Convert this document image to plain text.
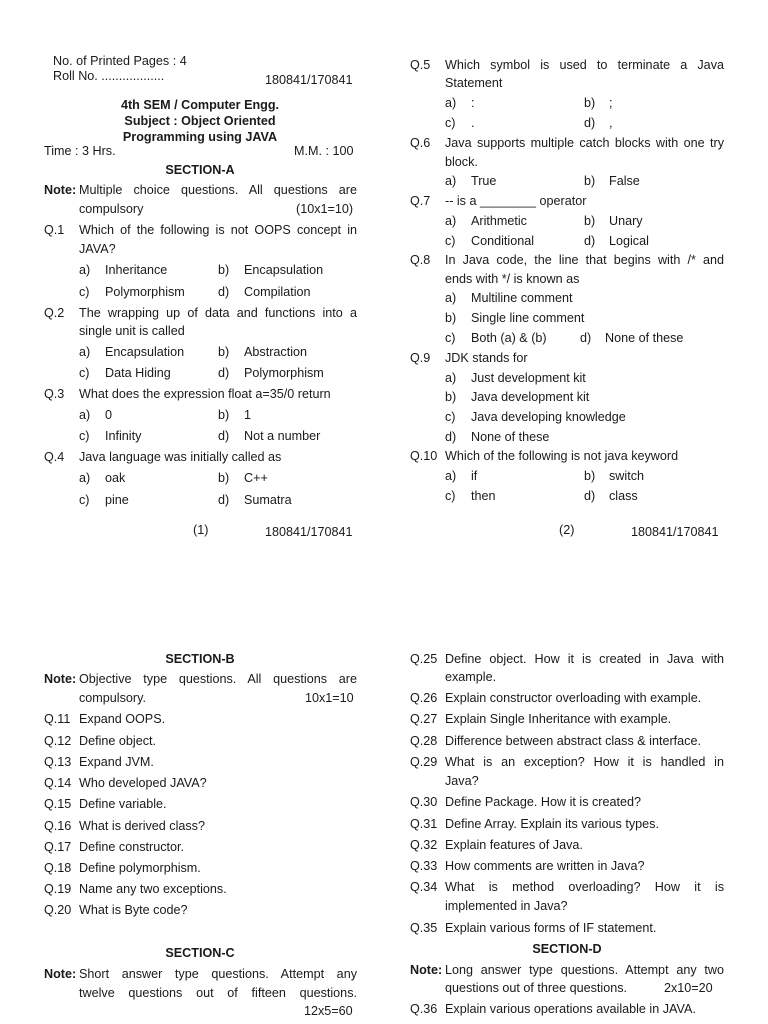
No. of Printed Pages : 4
Roll No. ..................	180841/170841
4th SEM / Computer Engg.
Subject : Object Oriented
Programming using JAVA
Time : 3 Hrs.	M.M. : 100
SECTION-A
Note: Multiple choice questions. All questions are
compulsory	(10x1=10)
Q.1 Which of the following is not OOPS concept in
JAVA?
a) Inheritance	b) Encapsulation
c) Polymorphism	d) Compilation
Q.2 The wrapping up of data and functions into a
single unit is called
a) Encapsulation	b) Abstraction
c) Data Hiding	d) Polymorphism
Q.3 What does the expression float a=35/0 return
a) 0	b) 1
c) Infinity	d) Not a number
Q.4 Java language was initially called as
a) oak	b) C++
c) pine	d) Sumatra
(1)	180841/170841
Q.5 Which symbol is used to terminate a Java
Statement
a) :	b) ;
c) .	d) ,
Q.6 Java supports multiple catch blocks with one try
block.
a) True	b) False
Q.7 -- is a ________ operator
a) Arithmetic	b) Unary
c) Conditional	d) Logical
Q.8 In Java code, the line that begins with /* and
ends with */ is known as
a) Multiline comment
b) Single line comment
c) Both (a) & (b)	d) None of these
Q.9 JDK stands for
a) Just development kit
b) Java development kit
c) Java developing knowledge
d) None of these
Q.10 Which of the following is not java keyword
a) if	b) switch
c) then	d) class
(2)	180841/170841
SECTION-B
Note: Objective type questions. All questions are
compulsory.	10x1=10
Q.11 Expand OOPS.
Q.12 Define object.
Q.13 Expand JVM.
Q.14 Who developed JAVA?
Q.15 Define variable.
Q.16 What is derived class?
Q.17 Define constructor.
Q.18 Define polymorphism.
Q.19 Name any two exceptions.
Q.20 What is Byte code?
SECTION-C
Note: Short answer type questions. Attempt any
twelve questions out of fifteen questions.
12x5=60
Q.25 Define object. How it is created in Java with
example.
Q.26 Explain constructor overloading with example.
Q.27 Explain Single Inheritance with example.
Q.28 Difference between abstract class & interface.
Q.29 What is an exception? How it is handled in
Java?
Q.30 Define Package. How it is created?
Q.31 Define Array. Explain its various types.
Q.32 Explain features of Java.
Q.33 How comments are written in Java?
Q.34 What is method overloading? How it is
implemented in Java?
Q.35 Explain various forms of IF statement.
SECTION-D
Note: Long answer type questions. Attempt any two
questions out of three questions.	2x10=20
Q.36 Explain various operations available in JAVA.
